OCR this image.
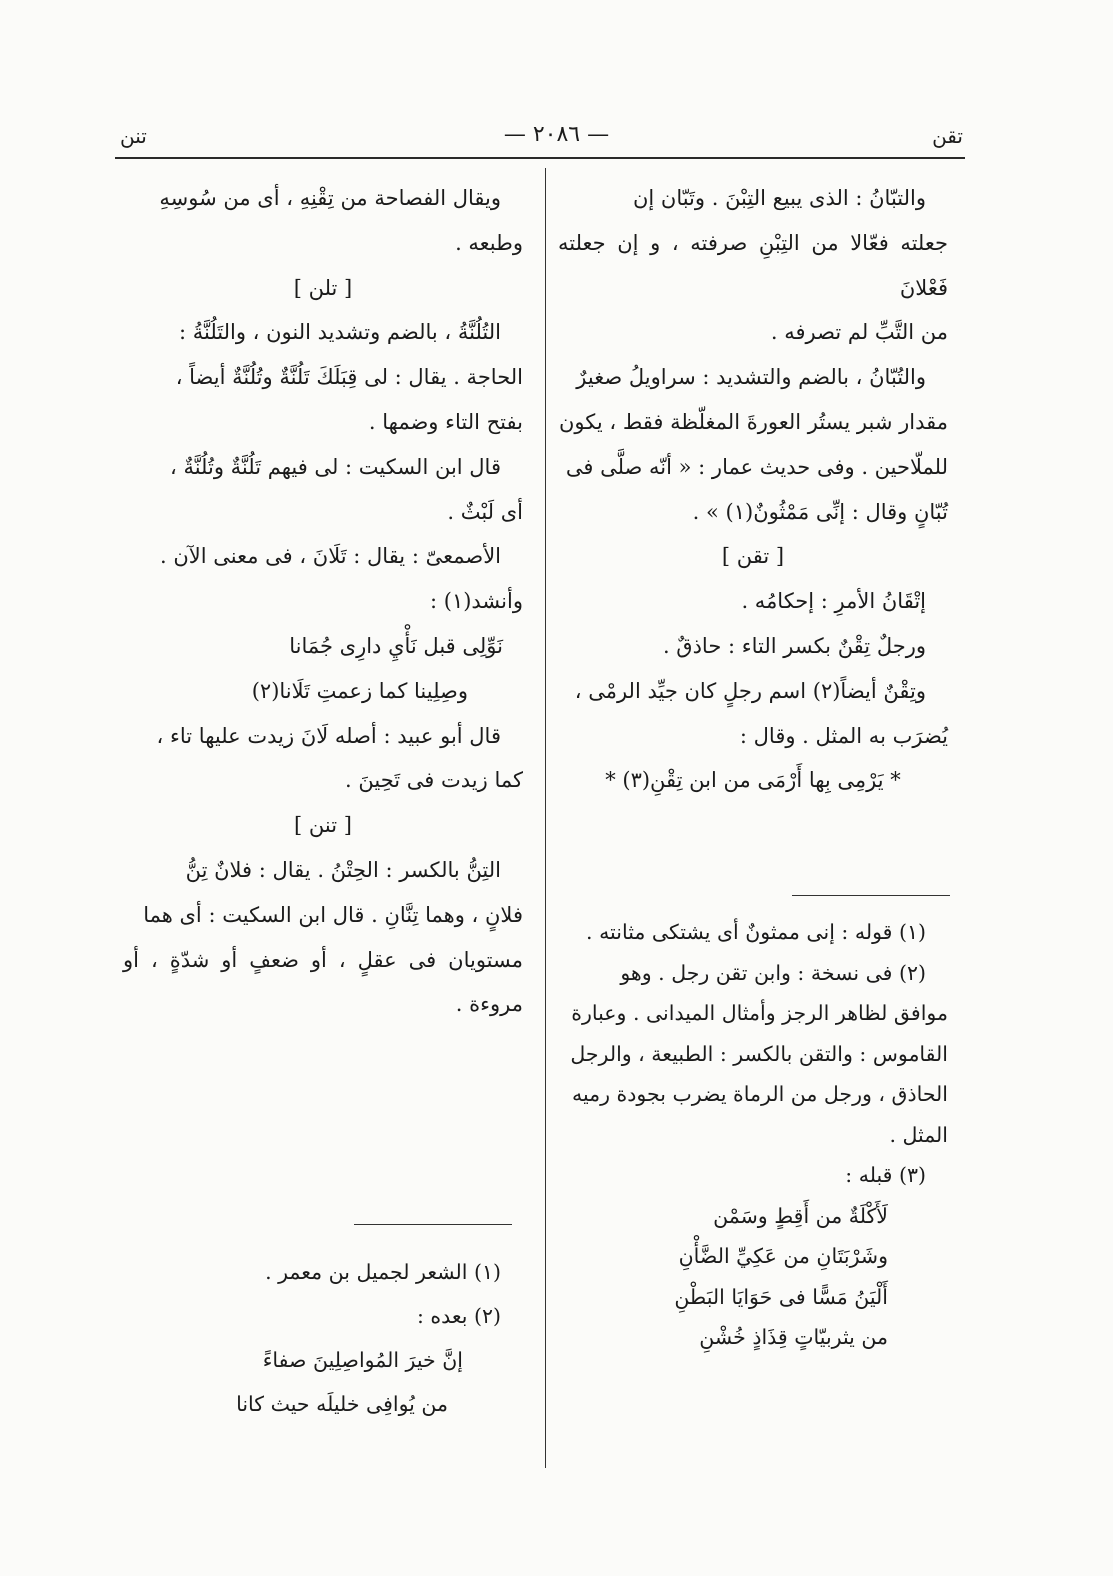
تقن
— ٢٠٨٦ —
تنن

والتبّانُ : الذى يبيع التِبْنَ . وتَبّان إن

جعلته فعّالا من التِبْنِ صرفته ، و إن جعلته فَعْلانَ

من التَّبِّ لم تصرفه .

والتُبّانُ ، بالضم والتشديد : سراويلُ صغيرٌ

مقدار شبر يستُر العورةَ المغلّظة فقط ، يكون

للملّاحين . وفى حديث عمار : « أنّه صلَّى فى

تُبّانٍ وقال : إنِّى مَمْثُونٌ(١) » .

[ تقن ]

إتْقَانُ الأمرِ : إحكامُه .

ورجلٌ تِقْنٌ بكسر التاء : حاذقٌ .

وتِقْنٌ أيضاً(٢) اسم رجلٍ كان جيِّد الرمْى ،

يُضرَب به المثل . وقال :

* يَرْمِى بِها أَرْمَى من ابن تِقْنِ(٣) *

(١) قوله : إنى ممثونٌ أى يشتكى مثانته .

(٢) فى نسخة : وابن تقن رجل . وهو

موافق لظاهر الرجز وأمثال الميدانى . وعبارة

القاموس : والتقن بالكسر : الطبيعة ، والرجل

الحاذق ، ورجل من الرماة يضرب بجودة رميه

المثل .

(٣) قبله :

لَأَكْلَةٌ من أَقِطٍ وسَمْن

وشَرْبَتَانِ من عَكِيِّ الضَّأْنِ

أَلْيَنُ مَسًّا فى حَوَايَا البَطْنِ

من يثربيّاتٍ قِذَاذٍ خُشْنِ

ويقال الفصاحة من تِقْنِهِ ، أى من سُوسِهِ

وطبعه .

[ تلن ]

التُلُنَّةُ ، بالضم وتشديد النون ، والتَلُنَّةُ :

الحاجة . يقال : لى قِبَلَكَ تَلُنَّةٌ وتُلُنَّةٌ أيضاً ،

بفتح التاء وضمها .

قال ابن السكيت : لى فيهم تَلُنَّةٌ وتُلُنَّةٌ ،

أى لَبْثٌ .

الأصمعىّ : يقال : تَلَانَ ، فى معنى الآن .

وأنشد(١) :

نَوِّلِى قبل نَأْيِ دارِى جُمَانا

وصِلِينا كما زعمتِ تَلَانا(٢)

قال أبو عبيد : أصله لَانَ زيدت عليها تاء ،

كما زيدت فى تَحِينَ .

[ تنن ]

التِنُّ بالكسر : الحِتْنُ . يقال : فلانٌ تِنُّ

فلانٍ ، وهما تِنَّانِ . قال ابن السكيت : أى هما

مستويان فى عقلٍ ، أو ضعفٍ أو شدّةٍ ، أو مروءة .

(١) الشعر لجميل بن معمر .

(٢) بعده :

إنَّ خيرَ المُواصِلِينَ صفاءً

من يُوافِى خليلَه حيث كانا
